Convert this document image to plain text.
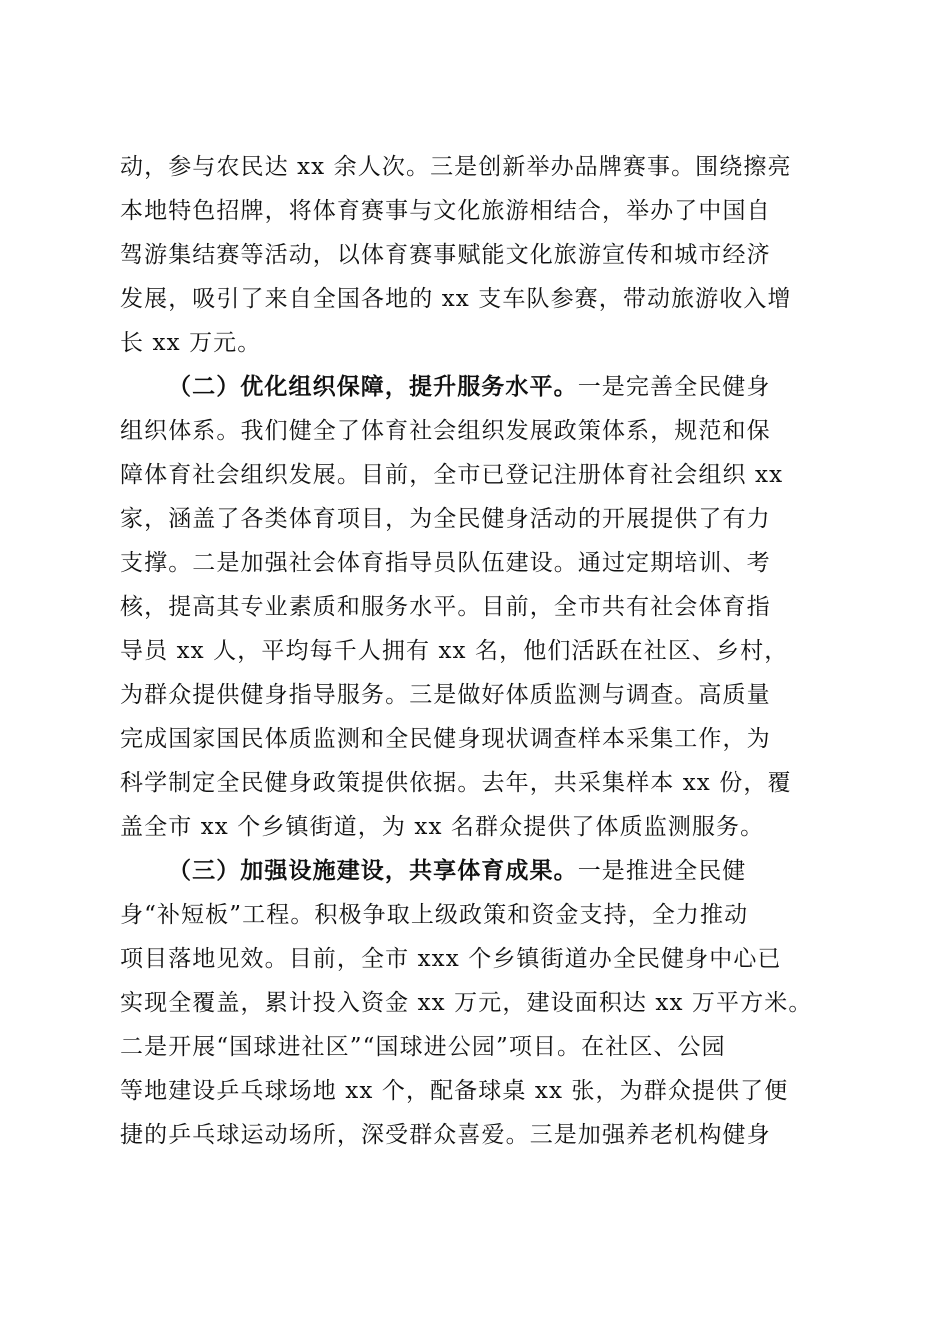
动，参与农民达 xx 余人次。三是创新举办品牌赛事。围绕擦亮
本地特色招牌，将体育赛事与文化旅游相结合，举办了中国自
驾游集结赛等活动，以体育赛事赋能文化旅游宣传和城市经济
发展，吸引了来自全国各地的 xx 支车队参赛，带动旅游收入增
长 xx 万元。
（二）优化组织保障，提升服务水平。一是完善全民健身
组织体系。我们健全了体育社会组织发展政策体系，规范和保
障体育社会组织发展。目前，全市已登记注册体育社会组织 xx
家，涵盖了各类体育项目，为全民健身活动的开展提供了有力
支撑。二是加强社会体育指导员队伍建设。通过定期培训、考
核，提高其专业素质和服务水平。目前，全市共有社会体育指
导员 xx 人，平均每千人拥有 xx 名，他们活跃在社区、乡村，
为群众提供健身指导服务。三是做好体质监测与调查。高质量
完成国家国民体质监测和全民健身现状调查样本采集工作，为
科学制定全民健身政策提供依据。去年，共采集样本 xx 份，覆
盖全市 xx 个乡镇街道，为 xx 名群众提供了体质监测服务。
（三）加强设施建设，共享体育成果。一是推进全民健
身“补短板”工程。积极争取上级政策和资金支持，全力推动
项目落地见效。目前，全市 xxx 个乡镇街道办全民健身中心已
实现全覆盖，累计投入资金 xx 万元，建设面积达 xx 万平方米。
二是开展“国球进社区”“国球进公园”项目。在社区、公园
等地建设乒乓球场地 xx 个，配备球桌 xx 张，为群众提供了便
捷的乒乓球运动场所，深受群众喜爱。三是加强养老机构健身
